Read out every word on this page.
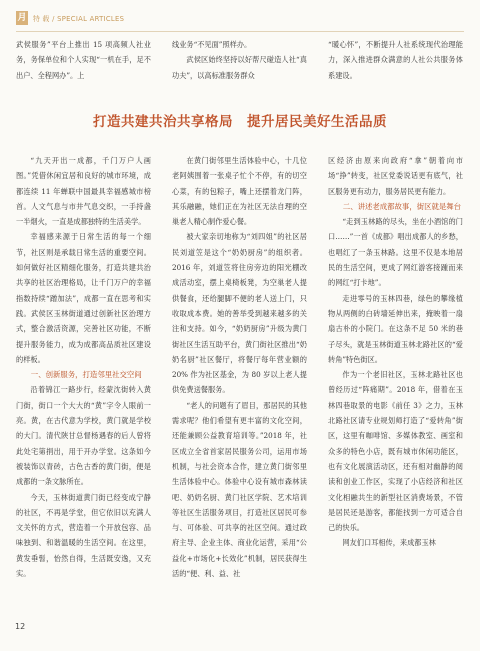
月 特 载 / SPECIAL ARTICLES

武侯服务”平台上推出 15 项高频人社业务，务保单位和个人实现“一机在手，足不出户、全程网办”。上

线业务“不见面”照样办。

武侯区始终坚持以好帮尺碰造人社“真功夫”，以高标准服务群众

“暖心怀”，不断提升人社系统现代治理能力，深入推进群众满意的人社公共服务体系建设。

打造共建共治共享格局　提升居民美好生活品质

“九天开出一成都，千门万户人画图。”凭借休闲宜居和良好的城市环境，成都连续 11 年蝉联中国最具幸福感城市榜首。人文气息与市井气息交织，一手持盏一半烟火，一直是成都独特的生活美学。

幸福感来源于日常生活的每一个细节，社区则是承载日常生活的重要空间。如何做好社区精细化服务，打造共建共治共享的社区治理格局，让千门万户的幸福指数持续“蹭加法”，成都一直在思考和实践。武侯区玉林街道通过创新社区治理方式，整合激活资源，完善社区功能，不断提升服务能力，成为成都高品质社区建设的样板。

一、创新服务，打造邻里社交空间

沿着锦江一路步行，经蒙沈街转入黄门街，街口一个大大的“黄”字令人眼前一亮。黄，在古代意为学校，黄门就是学校的大门。清代陕甘总督杨遇春的后人曾将此处宅第捐出，用于开办学堂。这条如今被装饰以青砖，古色古香的黄门街，便是成都的一条文脉所在。

今天，玉林街道黄门街已经变成宁静的社区，不再是学堂，但它依旧以充满人文关怀的方式，营造着一个开放包容、品味独到、和谐温暖的生活空间。在这里，黄发垂髫，怡然自得，生活既安逸，又充实。

在黄门街邻里生活体验中心，十几位老阿姨围着一张桌子忙个不停，有的切空心菜，有的包粽子，嘴上还摆着龙门阵，其乐融融，她们正在为社区无法自理的空巢老人精心制作爱心餐。

被大家亲切地称为“刘四姐”的社区居民刘道笠是这个“奶奶厨房”的组织者。2016 年，刘道笠将住房旁边的阳光棚改成活动室，摆上桌椅板凳，为空巢老人提供餐食，还给腿脚不便的老人送上门，只收取成本费。她的善举受到越来越多的关注和支持。如今，“奶奶厨房”升级为黄门街社区生活互助平台，黄门街社区推出“奶奶名厨”社区餐厅，将餐厅每年营业额的 20% 作为社区基金，为 80 岁以上老人提供免费送餐服务。

“老人的问题有了眉目，那居民的其他需求呢？他们希望有更丰富的文化空间，还能兼顾公益教育培训等。”2018 年，社区成立全省首家居民服务公司，运用市场机制，与社会资本合作，建立黄门街邻里生活体验中心。体验中心设有城市森林读吧、奶奶名厨、黄门社区学院、艺术培训等社区生活服务项目，打造社区居民可参与、可体验、可共享的社区空间。通过政府主导、企业主体、商业化运营，采用“公益化+市场化+长效化”机制，居民获得生活的“便、利、益、社

区经济由原来向政府“拿”朝着向市场“挣”转变，社区党委说话更有底气，社区服务更有动力，服务居民更有能力。

二、讲述老成都故事，街区就是舞台

“走到玉林路的尽头，坐在小酒馆的门口……”一首《成都》唱出成都人的乡愁，也唱红了一条玉林路。这里不仅是本地居民的生活空间，更成了网红游客接踵而来的网红“打卡地”。

走进零号的玉林四巷，绿色的攀缘植物从两侧的白砖墙延伸出来，掩映着一扇扇古朴的小院门。在这条不足 50 米的巷子尽头，就是玉林街道玉林北路社区的“爱转角”特色街区。

作为一个老旧社区，玉林北路社区也曾经历过“阵痛期”。2018 年，借着在玉林四巷取景的电影《前任 3》之力，玉林北路社区请专业规划师打造了“爱转角”街区，这里有咖啡馆、多媒体教室、画室和众多的特色小店，既有城市休闲功能区，也有文化展演活动区，还有相对幽静的阅读和创业工作区，实现了小店经济和社区文化相融共生的新型社区消费场景，不管是居民还是游客，都能找到一方可适合自己的快乐。

网友们口耳相传，来成都玉林

12
